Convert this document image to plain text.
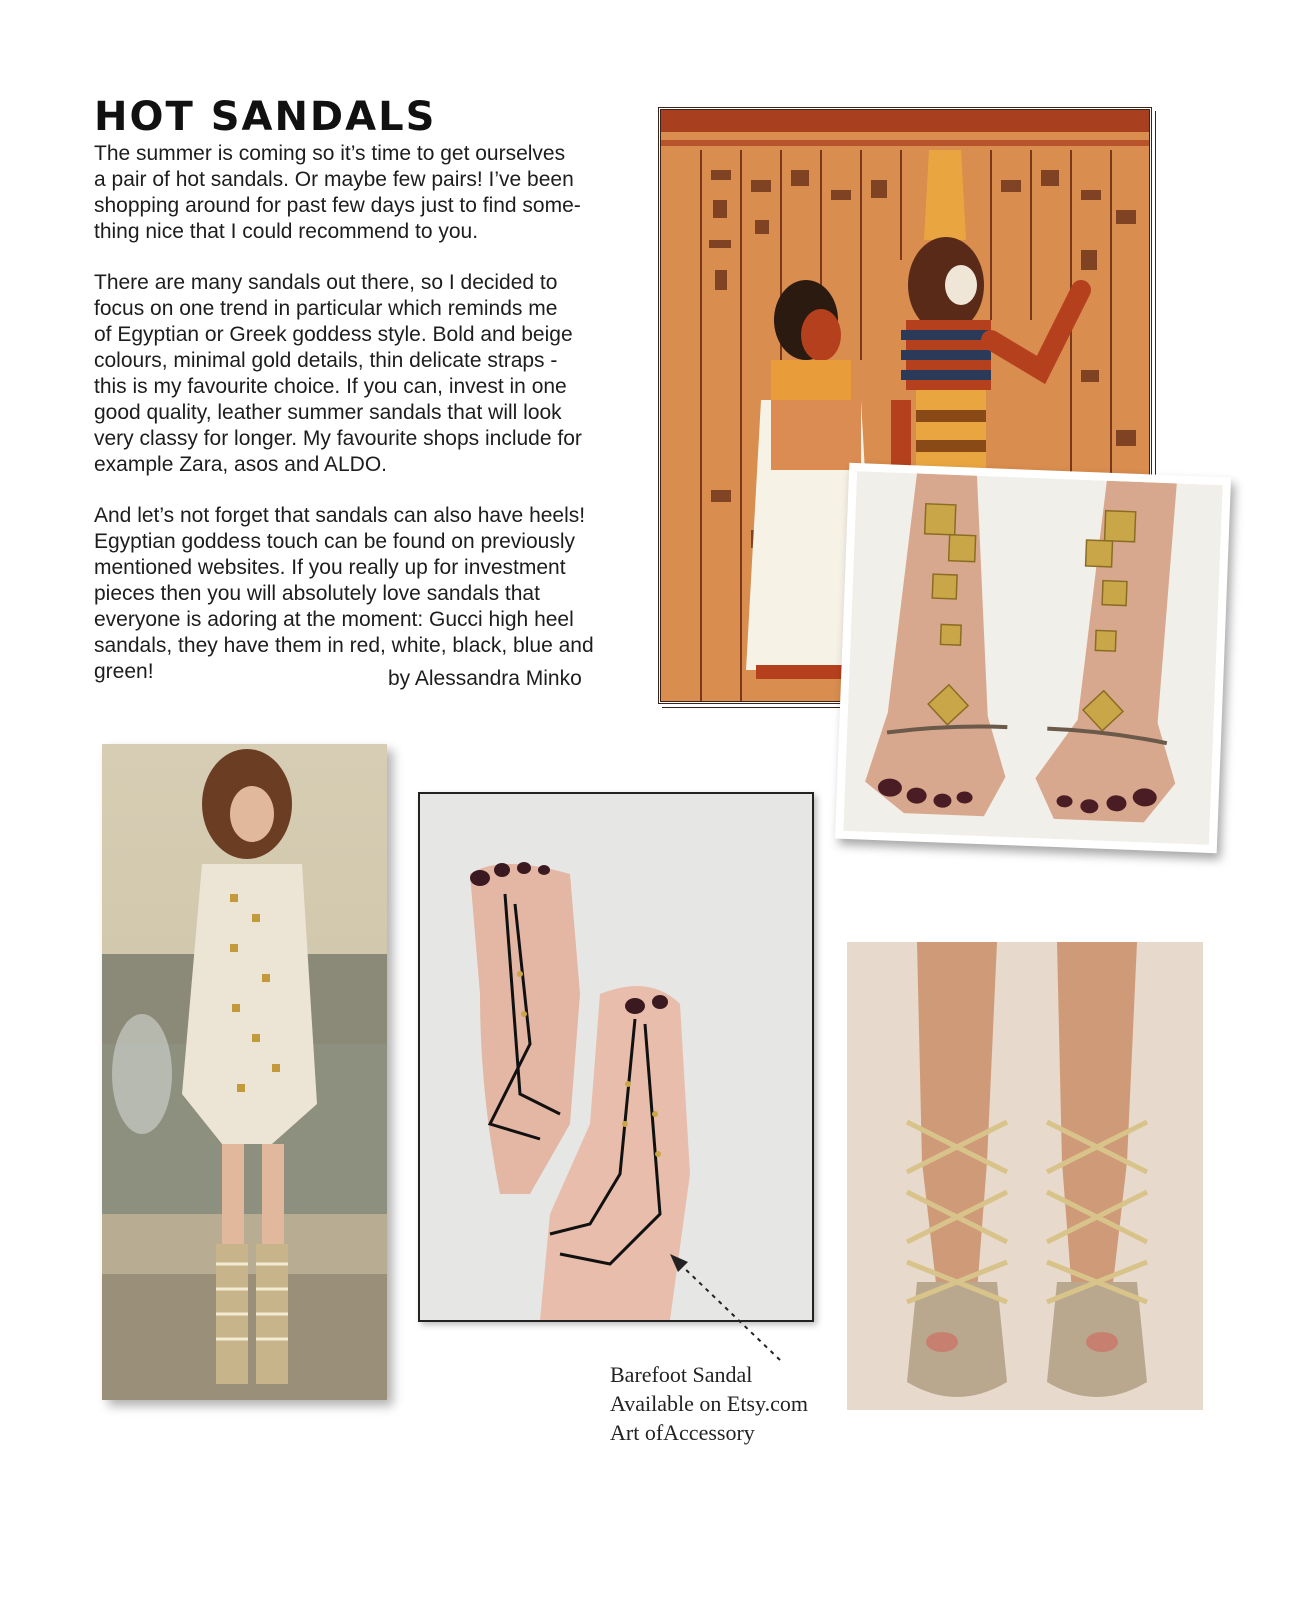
HOT SANDALS

The summer is coming so it’s time to get ourselves
a pair of hot sandals. Or maybe few pairs! I’ve been
shopping around for past few days just to find some-
thing nice that I could recommend to you.

There are many sandals out there, so I decided to
focus on one trend in particular which reminds me
of Egyptian or Greek goddess style. Bold and beige
colours, minimal gold details, thin delicate straps -
this is my favourite choice. If you can, invest in one
good quality, leather summer sandals that will look
very classy for longer. My favourite shops include for
example Zara, asos and ALDO.

And let’s not forget that sandals can also have heels!
Egyptian goddess touch can be found on previously
mentioned websites. If you really up for investment
pieces then you will absolutely love sandals that
everyone is adoring at the moment: Gucci high heel
sandals, they have them in red, white, black, blue and
green!	by Alessandra Minko
Barefoot Sandal
Available on Etsy.com
Art ofAccessory
